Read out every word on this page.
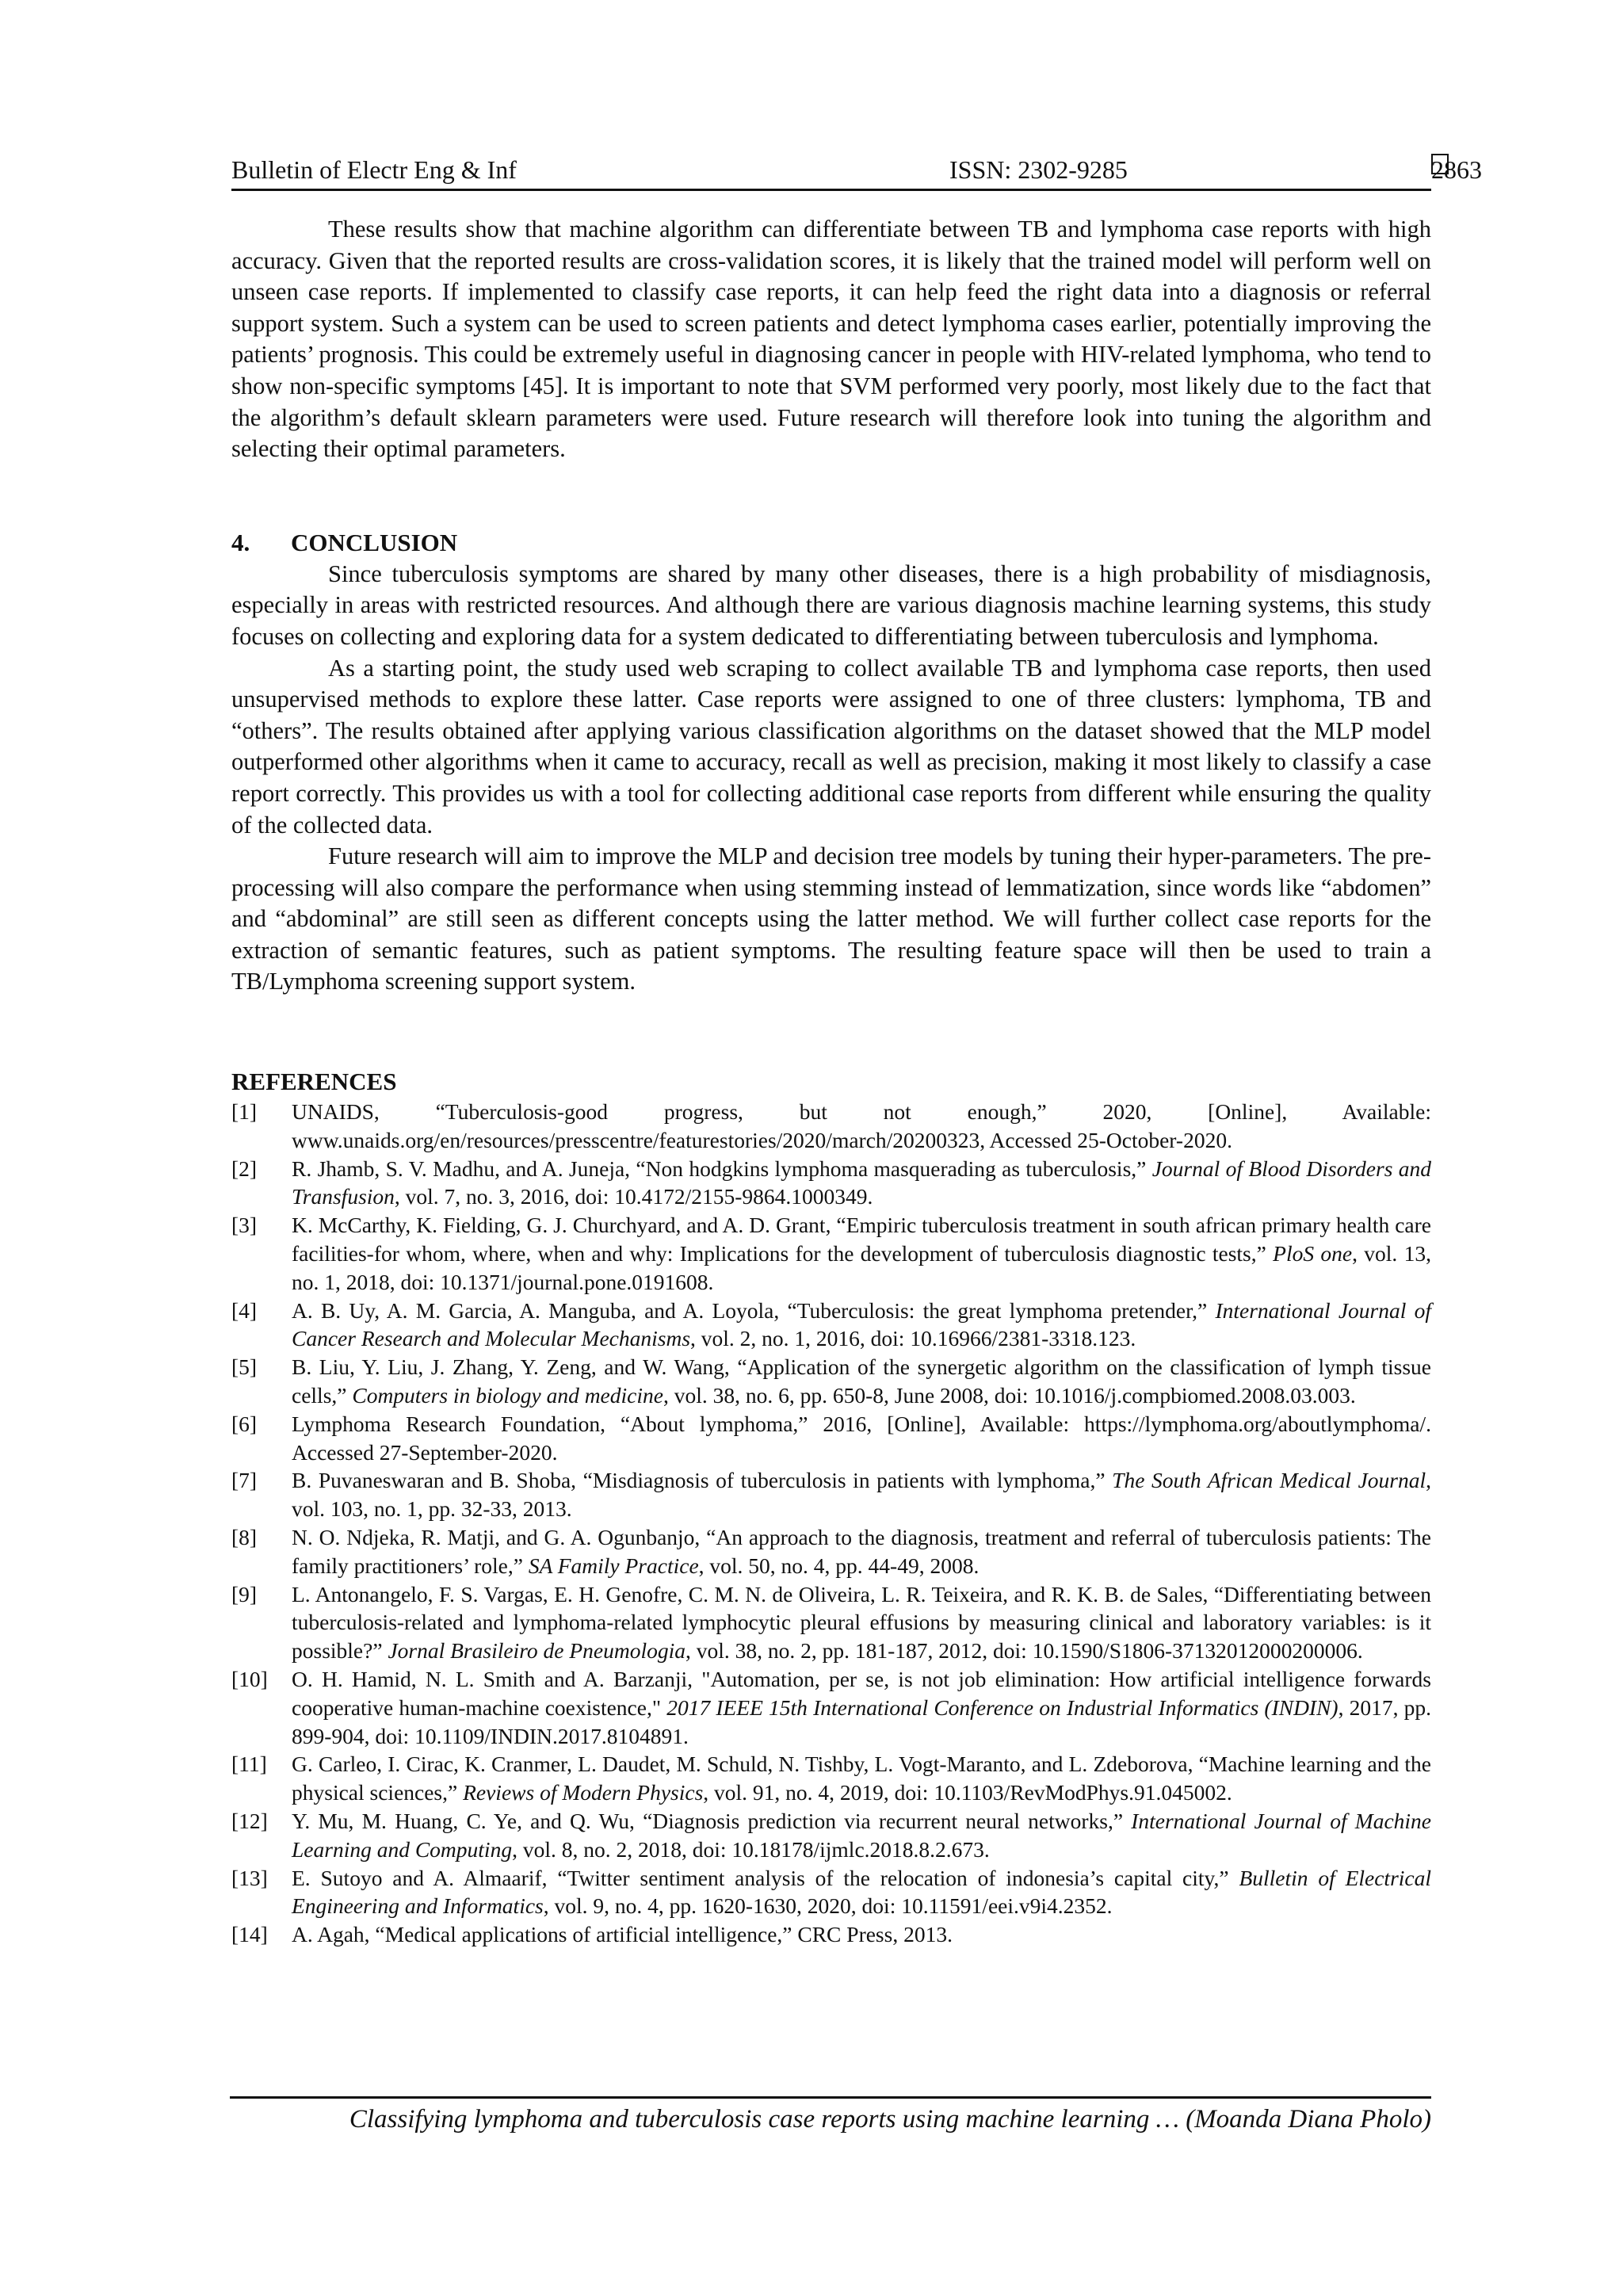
Bulletin of Electr Eng & Inf	ISSN: 2302-9285	2863

These results show that machine algorithm can differentiate between TB and lymphoma case reports with high accuracy. Given that the reported results are cross-validation scores, it is likely that the trained model will perform well on unseen case reports. If implemented to classify case reports, it can help feed the right data into a diagnosis or referral support system. Such a system can be used to screen patients and detect lymphoma cases earlier, potentially improving the patients’ prognosis. This could be extremely useful in diagnosing cancer in people with HIV-related lymphoma, who tend to show non-specific symptoms [45]. It is important to note that SVM performed very poorly, most likely due to the fact that the algorithm’s default sklearn parameters were used. Future research will therefore look into tuning the algorithm and selecting their optimal parameters.

4. CONCLUSION

Since tuberculosis symptoms are shared by many other diseases, there is a high probability of misdiagnosis, especially in areas with restricted resources. And although there are various diagnosis machine learning systems, this study focuses on collecting and exploring data for a system dedicated to differentiating between tuberculosis and lymphoma.

As a starting point, the study used web scraping to collect available TB and lymphoma case reports, then used unsupervised methods to explore these latter. Case reports were assigned to one of three clusters: lymphoma, TB and “others”. The results obtained after applying various classification algorithms on the dataset showed that the MLP model outperformed other algorithms when it came to accuracy, recall as well as precision, making it most likely to classify a case report correctly. This provides us with a tool for collecting additional case reports from different while ensuring the quality of the collected data.

Future research will aim to improve the MLP and decision tree models by tuning their hyper-parameters. The pre-processing will also compare the performance when using stemming instead of lemmatization, since words like “abdomen” and “abdominal” are still seen as different concepts using the latter method. We will further collect case reports for the extraction of semantic features, such as patient symptoms. The resulting feature space will then be used to train a TB/Lymphoma screening support system.

REFERENCES
[1]	UNAIDS, “Tuberculosis-good progress, but not enough,” 2020, [Online], Available: www.unaids.org/en/resources/presscentre/featurestories/2020/march/20200323, Accessed 25-October-2020.
[2]	R. Jhamb, S. V. Madhu, and A. Juneja, “Non hodgkins lymphoma masquerading as tuberculosis,” Journal of Blood Disorders and Transfusion, vol. 7, no. 3, 2016, doi: 10.4172/2155-9864.1000349.
[3]	K. McCarthy, K. Fielding, G. J. Churchyard, and A. D. Grant, “Empiric tuberculosis treatment in south african primary health care facilities-for whom, where, when and why: Implications for the development of tuberculosis diagnostic tests,” PloS one, vol. 13, no. 1, 2018, doi: 10.1371/journal.pone.0191608.
[4]	A. B. Uy, A. M. Garcia, A. Manguba, and A. Loyola, “Tuberculosis: the great lymphoma pretender,” International Journal of Cancer Research and Molecular Mechanisms, vol. 2, no. 1, 2016, doi: 10.16966/2381-3318.123.
[5]	B. Liu, Y. Liu, J. Zhang, Y. Zeng, and W. Wang, “Application of the synergetic algorithm on the classification of lymph tissue cells,” Computers in biology and medicine, vol. 38, no. 6, pp. 650-8, June 2008, doi: 10.1016/j.compbiomed.2008.03.003.
[6]	Lymphoma Research Foundation, “About lymphoma,” 2016, [Online], Available: https://lymphoma.org/aboutlymphoma/. Accessed 27-September-2020.
[7]	B. Puvaneswaran and B. Shoba, “Misdiagnosis of tuberculosis in patients with lymphoma,” The South African Medical Journal, vol. 103, no. 1, pp. 32-33, 2013.
[8]	N. O. Ndjeka, R. Matji, and G. A. Ogunbanjo, “An approach to the diagnosis, treatment and referral of tuberculosis patients: The family practitioners’ role,” SA Family Practice, vol. 50, no. 4, pp. 44-49, 2008.
[9]	L. Antonangelo, F. S. Vargas, E. H. Genofre, C. M. N. de Oliveira, L. R. Teixeira, and R. K. B. de Sales, “Differentiating between tuberculosis-related and lymphoma-related lymphocytic pleural effusions by measuring clinical and laboratory variables: is it possible?” Jornal Brasileiro de Pneumologia, vol. 38, no. 2, pp. 181-187, 2012, doi: 10.1590/S1806-37132012000200006.
[10]	O. H. Hamid, N. L. Smith and A. Barzanji, "Automation, per se, is not job elimination: How artificial intelligence forwards cooperative human-machine coexistence," 2017 IEEE 15th International Conference on Industrial Informatics (INDIN), 2017, pp. 899-904, doi: 10.1109/INDIN.2017.8104891.
[11]	G. Carleo, I. Cirac, K. Cranmer, L. Daudet, M. Schuld, N. Tishby, L. Vogt-Maranto, and L. Zdeborova, “Machine learning and the physical sciences,” Reviews of Modern Physics, vol. 91, no. 4, 2019, doi: 10.1103/RevModPhys.91.045002.
[12]	Y. Mu, M. Huang, C. Ye, and Q. Wu, “Diagnosis prediction via recurrent neural networks,” International Journal of Machine Learning and Computing, vol. 8, no. 2, 2018, doi: 10.18178/ijmlc.2018.8.2.673.
[13]	E. Sutoyo and A. Almaarif, “Twitter sentiment analysis of the relocation of indonesia’s capital city,” Bulletin of Electrical Engineering and Informatics, vol. 9, no. 4, pp. 1620-1630, 2020, doi: 10.11591/eei.v9i4.2352.
[14]	A. Agah, “Medical applications of artificial intelligence,” CRC Press, 2013.
Classifying lymphoma and tuberculosis case reports using machine learning … (Moanda Diana Pholo)
